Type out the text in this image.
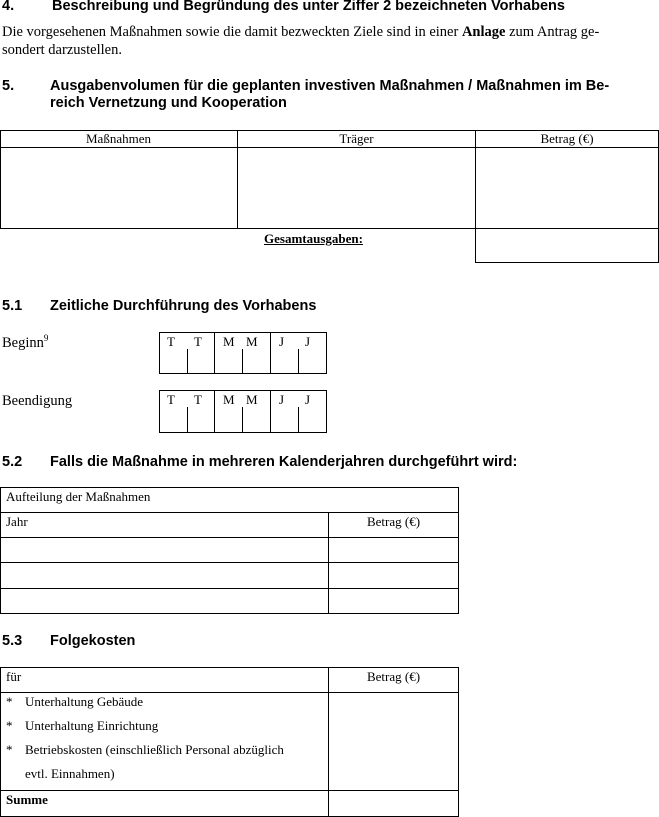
4.	Beschreibung und Begründung des unter Ziffer 2 bezeichneten Vorhabens
Die vorgesehenen Maßnahmen sowie die damit bezweckten Ziele sind in einer Anlage zum Antrag ge-
sondert darzustellen.
5. Ausgabenvolumen für die geplanten investiven Maßnahmen / Maßnahmen im Be-
reich Vernetzung und Kooperation
Maßnahmen	Träger	Betrag (€)
Gesamtausgaben:
5.1 Zeitliche Durchführung des Vorhabens
Beginn$^9$
Beendigung
T T M M J J
T T M M J J
5.2 Falls die Maßnahme in mehreren Kalenderjahren durchgeführt wird:
Aufteilung der Maßnahmen
Jahr	Betrag (€)
5.3 Folgekosten
für	Betrag (€)
* Unterhaltung Gebäude
* Unterhaltung Einrichtung
* Betriebskosten (einschließlich Personal abzüglich
evtl. Einnahmen)
Summe
